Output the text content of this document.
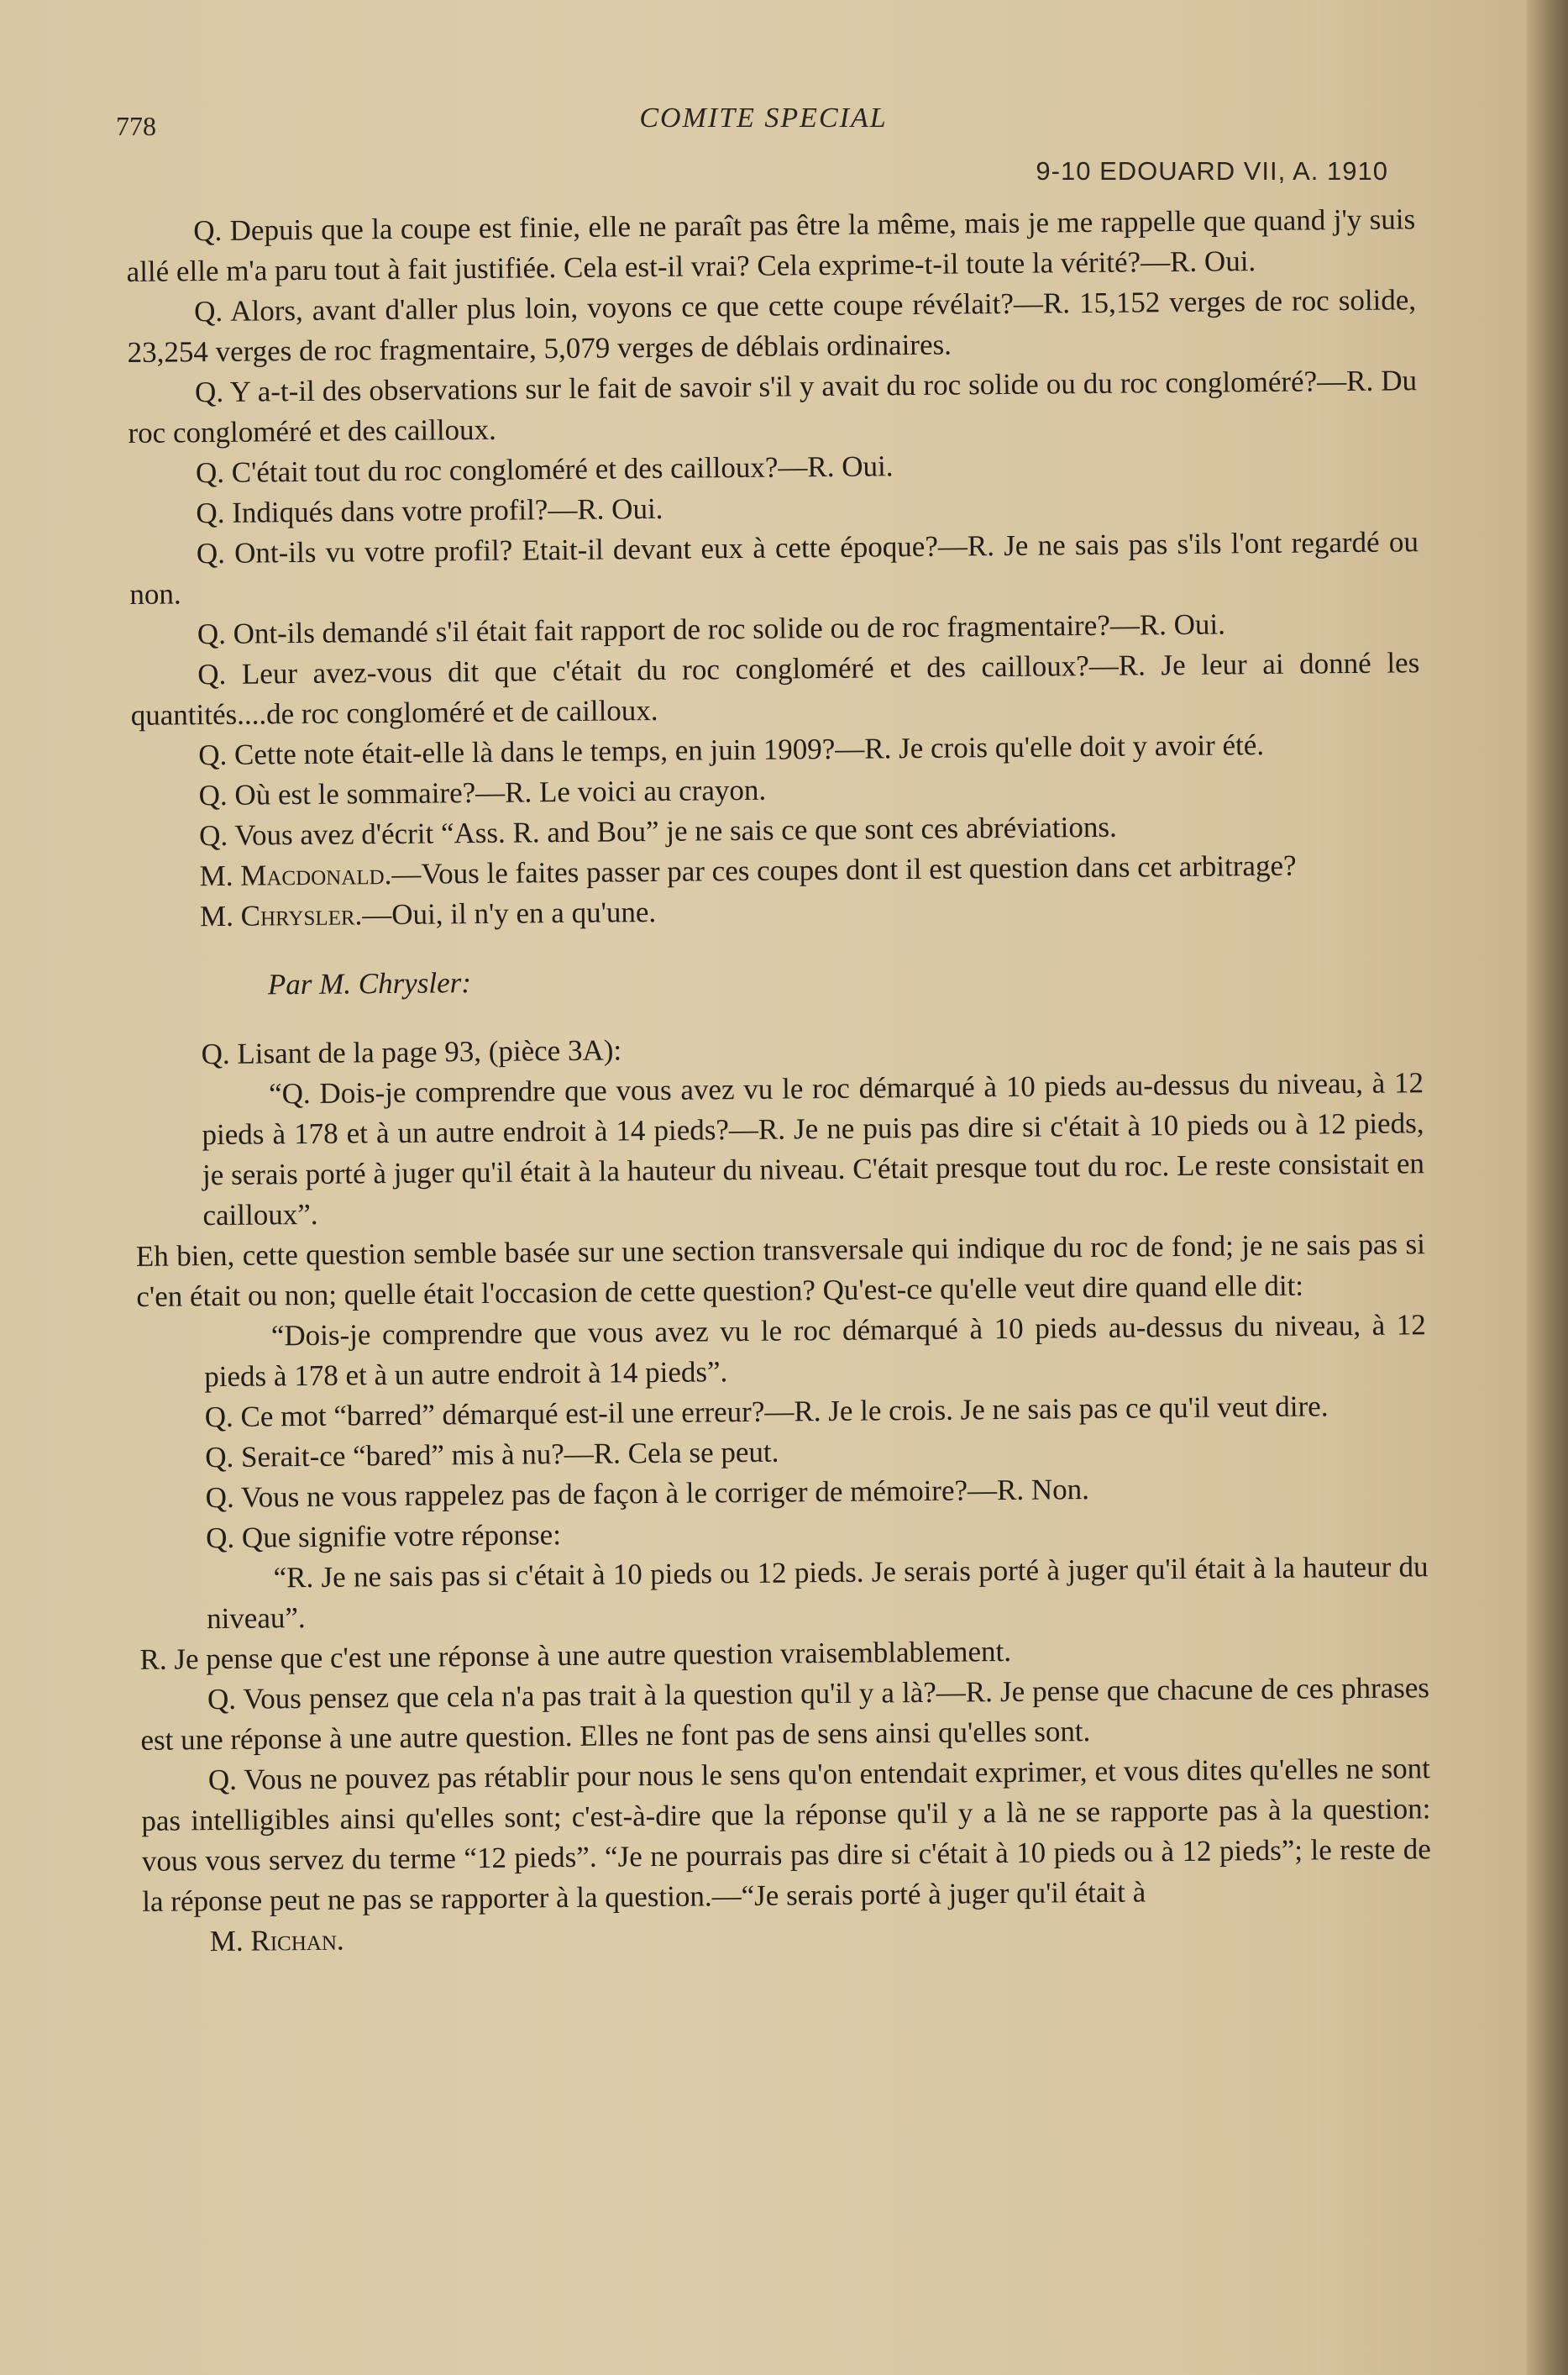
778	COMITE SPECIAL
9-10 EDOUARD VII, A. 1910

Q. Depuis que la coupe est finie, elle ne paraît pas être la même, mais je me rappelle que quand j'y suis allé elle m'a paru tout à fait justifiée. Cela est-il vrai? Cela exprime-t-il toute la vérité?—R. Oui.

Q. Alors, avant d'aller plus loin, voyons ce que cette coupe révélait?—R. 15,152 verges de roc solide, 23,254 verges de roc fragmentaire, 5,079 verges de déblais ordinaires.

Q. Y a-t-il des observations sur le fait de savoir s'il y avait du roc solide ou du roc congloméré?—R. Du roc congloméré et des cailloux.

Q. C'était tout du roc congloméré et des cailloux?—R. Oui.

Q. Indiqués dans votre profil?—R. Oui.

Q. Ont-ils vu votre profil? Etait-il devant eux à cette époque?—R. Je ne sais pas s'ils l'ont regardé ou non.

Q. Ont-ils demandé s'il était fait rapport de roc solide ou de roc fragmentaire?—R. Oui.

Q. Leur avez-vous dit que c'était du roc congloméré et des cailloux?—R. Je leur ai donné les quantités....de roc congloméré et de cailloux.

Q. Cette note était-elle là dans le temps, en juin 1909?—R. Je crois qu'elle doit y avoir été.

Q. Où est le sommaire?—R. Le voici au crayon.

Q. Vous avez d'écrit “Ass. R. and Bou” je ne sais ce que sont ces abréviations.

M. Macdonald.—Vous le faites passer par ces coupes dont il est question dans cet arbitrage?

M. Chrysler.—Oui, il n'y en a qu'une.

Par M. Chrysler:

Q. Lisant de la page 93, (pièce 3A):

“Q. Dois-je comprendre que vous avez vu le roc démarqué à 10 pieds au-dessus du niveau, à 12 pieds à 178 et à un autre endroit à 14 pieds?—R. Je ne puis pas dire si c'était à 10 pieds ou à 12 pieds, je serais porté à juger qu'il était à la hauteur du niveau. C'était presque tout du roc. Le reste consistait en cailloux”.

Eh bien, cette question semble basée sur une section transversale qui indique du roc de fond; je ne sais pas si c'en était ou non; quelle était l'occasion de cette question? Qu'est-ce qu'elle veut dire quand elle dit:

“Dois-je comprendre que vous avez vu le roc démarqué à 10 pieds au-dessus du niveau, à 12 pieds à 178 et à un autre endroit à 14 pieds”.

Q. Ce mot “barred” démarqué est-il une erreur?—R. Je le crois. Je ne sais pas ce qu'il veut dire.

Q. Serait-ce “bared” mis à nu?—R. Cela se peut.

Q. Vous ne vous rappelez pas de façon à le corriger de mémoire?—R. Non.

Q. Que signifie votre réponse:

“R. Je ne sais pas si c'était à 10 pieds ou 12 pieds. Je serais porté à juger qu'il était à la hauteur du niveau”.

R. Je pense que c'est une réponse à une autre question vraisemblablement.

Q. Vous pensez que cela n'a pas trait à la question qu'il y a là?—R. Je pense que chacune de ces phrases est une réponse à une autre question. Elles ne font pas de sens ainsi qu'elles sont.

Q. Vous ne pouvez pas rétablir pour nous le sens qu'on entendait exprimer, et vous dites qu'elles ne sont pas intelligibles ainsi qu'elles sont; c'est-à-dire que la réponse qu'il y a là ne se rapporte pas à la question: vous vous servez du terme “12 pieds”. “Je ne pourrais pas dire si c'était à 10 pieds ou à 12 pieds”; le reste de la réponse peut ne pas se rapporter à la question.—“Je serais porté à juger qu'il était à

M. Richan.
